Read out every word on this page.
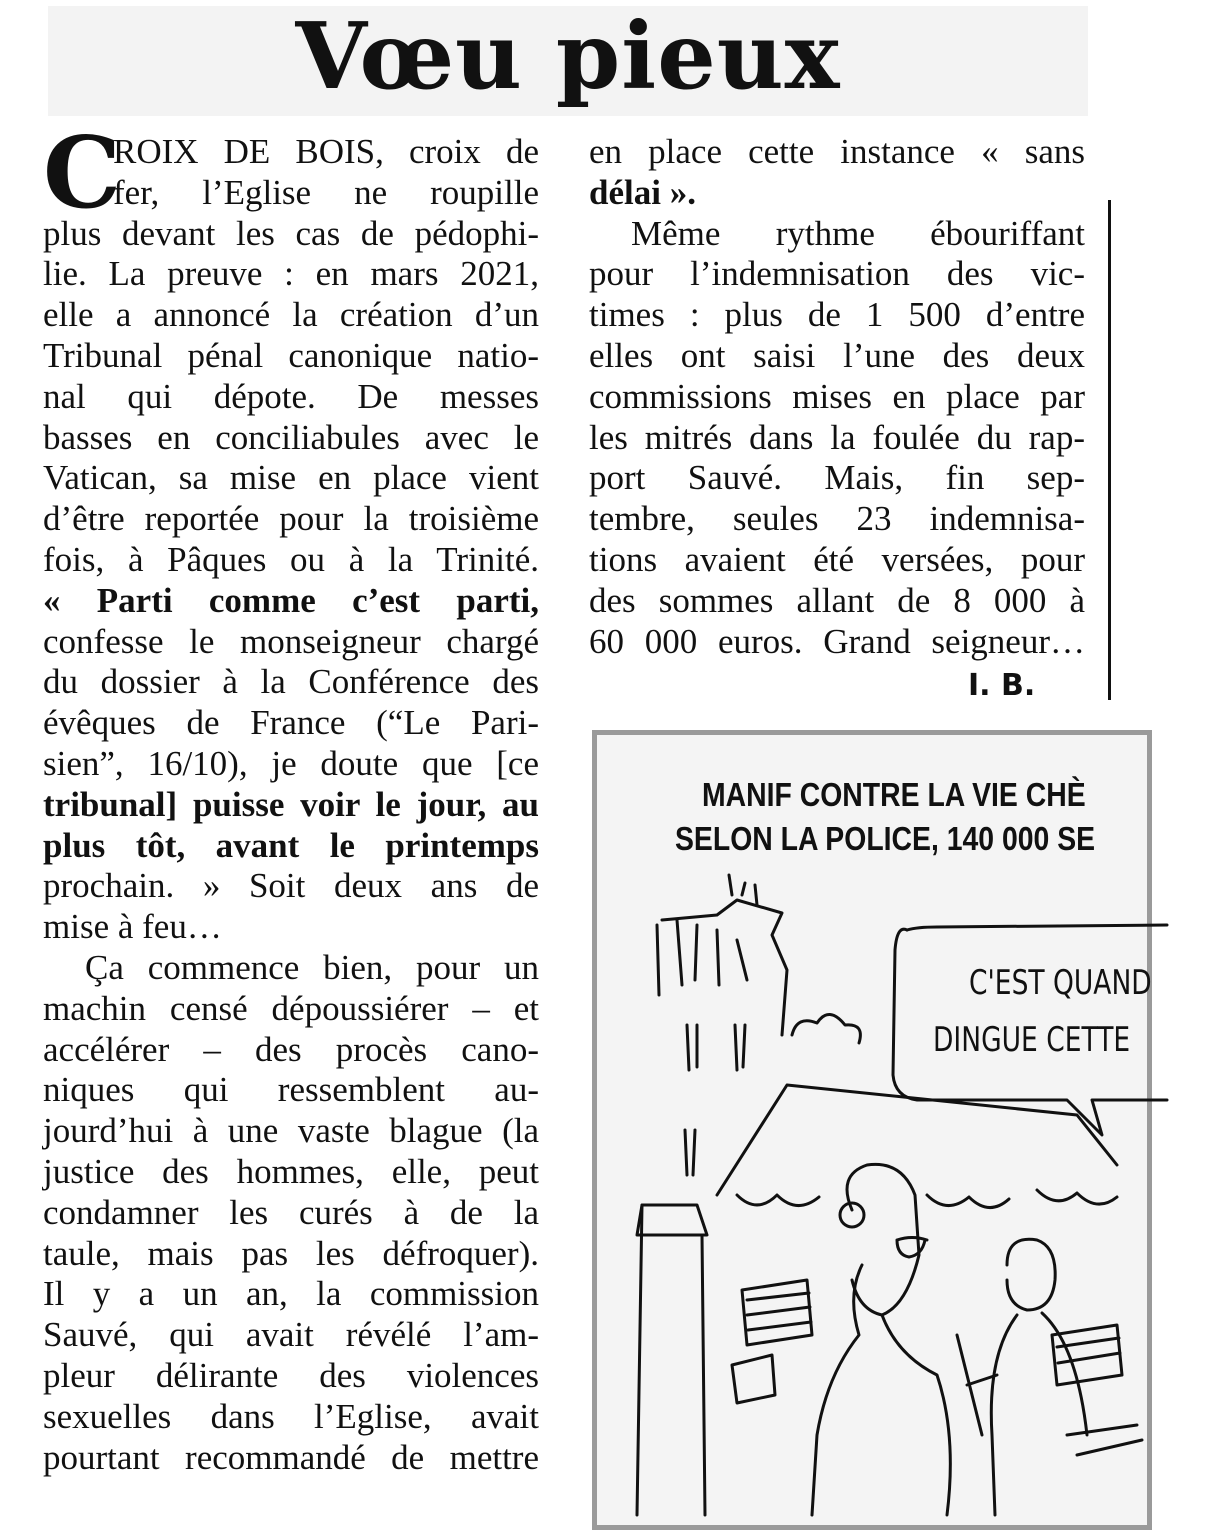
Vœu pieux
C
ROIX DE BOIS, croix de
fer, l’Eglise ne roupille
plus devant les cas de pédophi-
lie. La preuve : en mars 2021,
elle a annoncé la création d’un
Tribunal pénal canonique natio-
nal qui dépote. De messes
basses en conciliabules avec le
Vatican, sa mise en place vient
d’être reportée pour la troisième
fois, à Pâques ou à la Trinité.
« Parti comme c’est parti,
confesse le monseigneur chargé
du dossier à la Conférence des
évêques de France (“Le Pari-
sien”, 16/10), je doute que [ce
tribunal] puisse voir le jour, au
plus tôt, avant le printemps
prochain. » Soit deux ans de
mise à feu…
Ça commence bien, pour un
machin censé dépoussiérer – et
accélérer – des procès cano-
niques qui ressemblent au-
jourd’hui à une vaste blague (la
justice des hommes, elle, peut
condamner les curés à de la
taule, mais pas les défroquer).
Il y a un an, la commission
Sauvé, qui avait révélé l’am-
pleur délirante des violences
sexuelles dans l’Eglise, avait
pourtant recommandé de mettre
en place cette instance « sans
délai ».
Même rythme ébouriffant
pour l’indemnisation des vic-
times : plus de 1 500 d’entre
elles ont saisi l’une des deux
commissions mises en place par
les mitrés dans la foulée du rap-
port Sauvé. Mais, fin sep-
tembre, seules 23 indemnisa-
tions avaient été versées, pour
des sommes allant de 8 000 à
60 000 euros. Grand seigneur…
I. B.
MANIF CONTRE LA VIE CHÈ
SELON LA POLICE, 140 000 SE
C'EST QUAND
DINGUE CETTE
